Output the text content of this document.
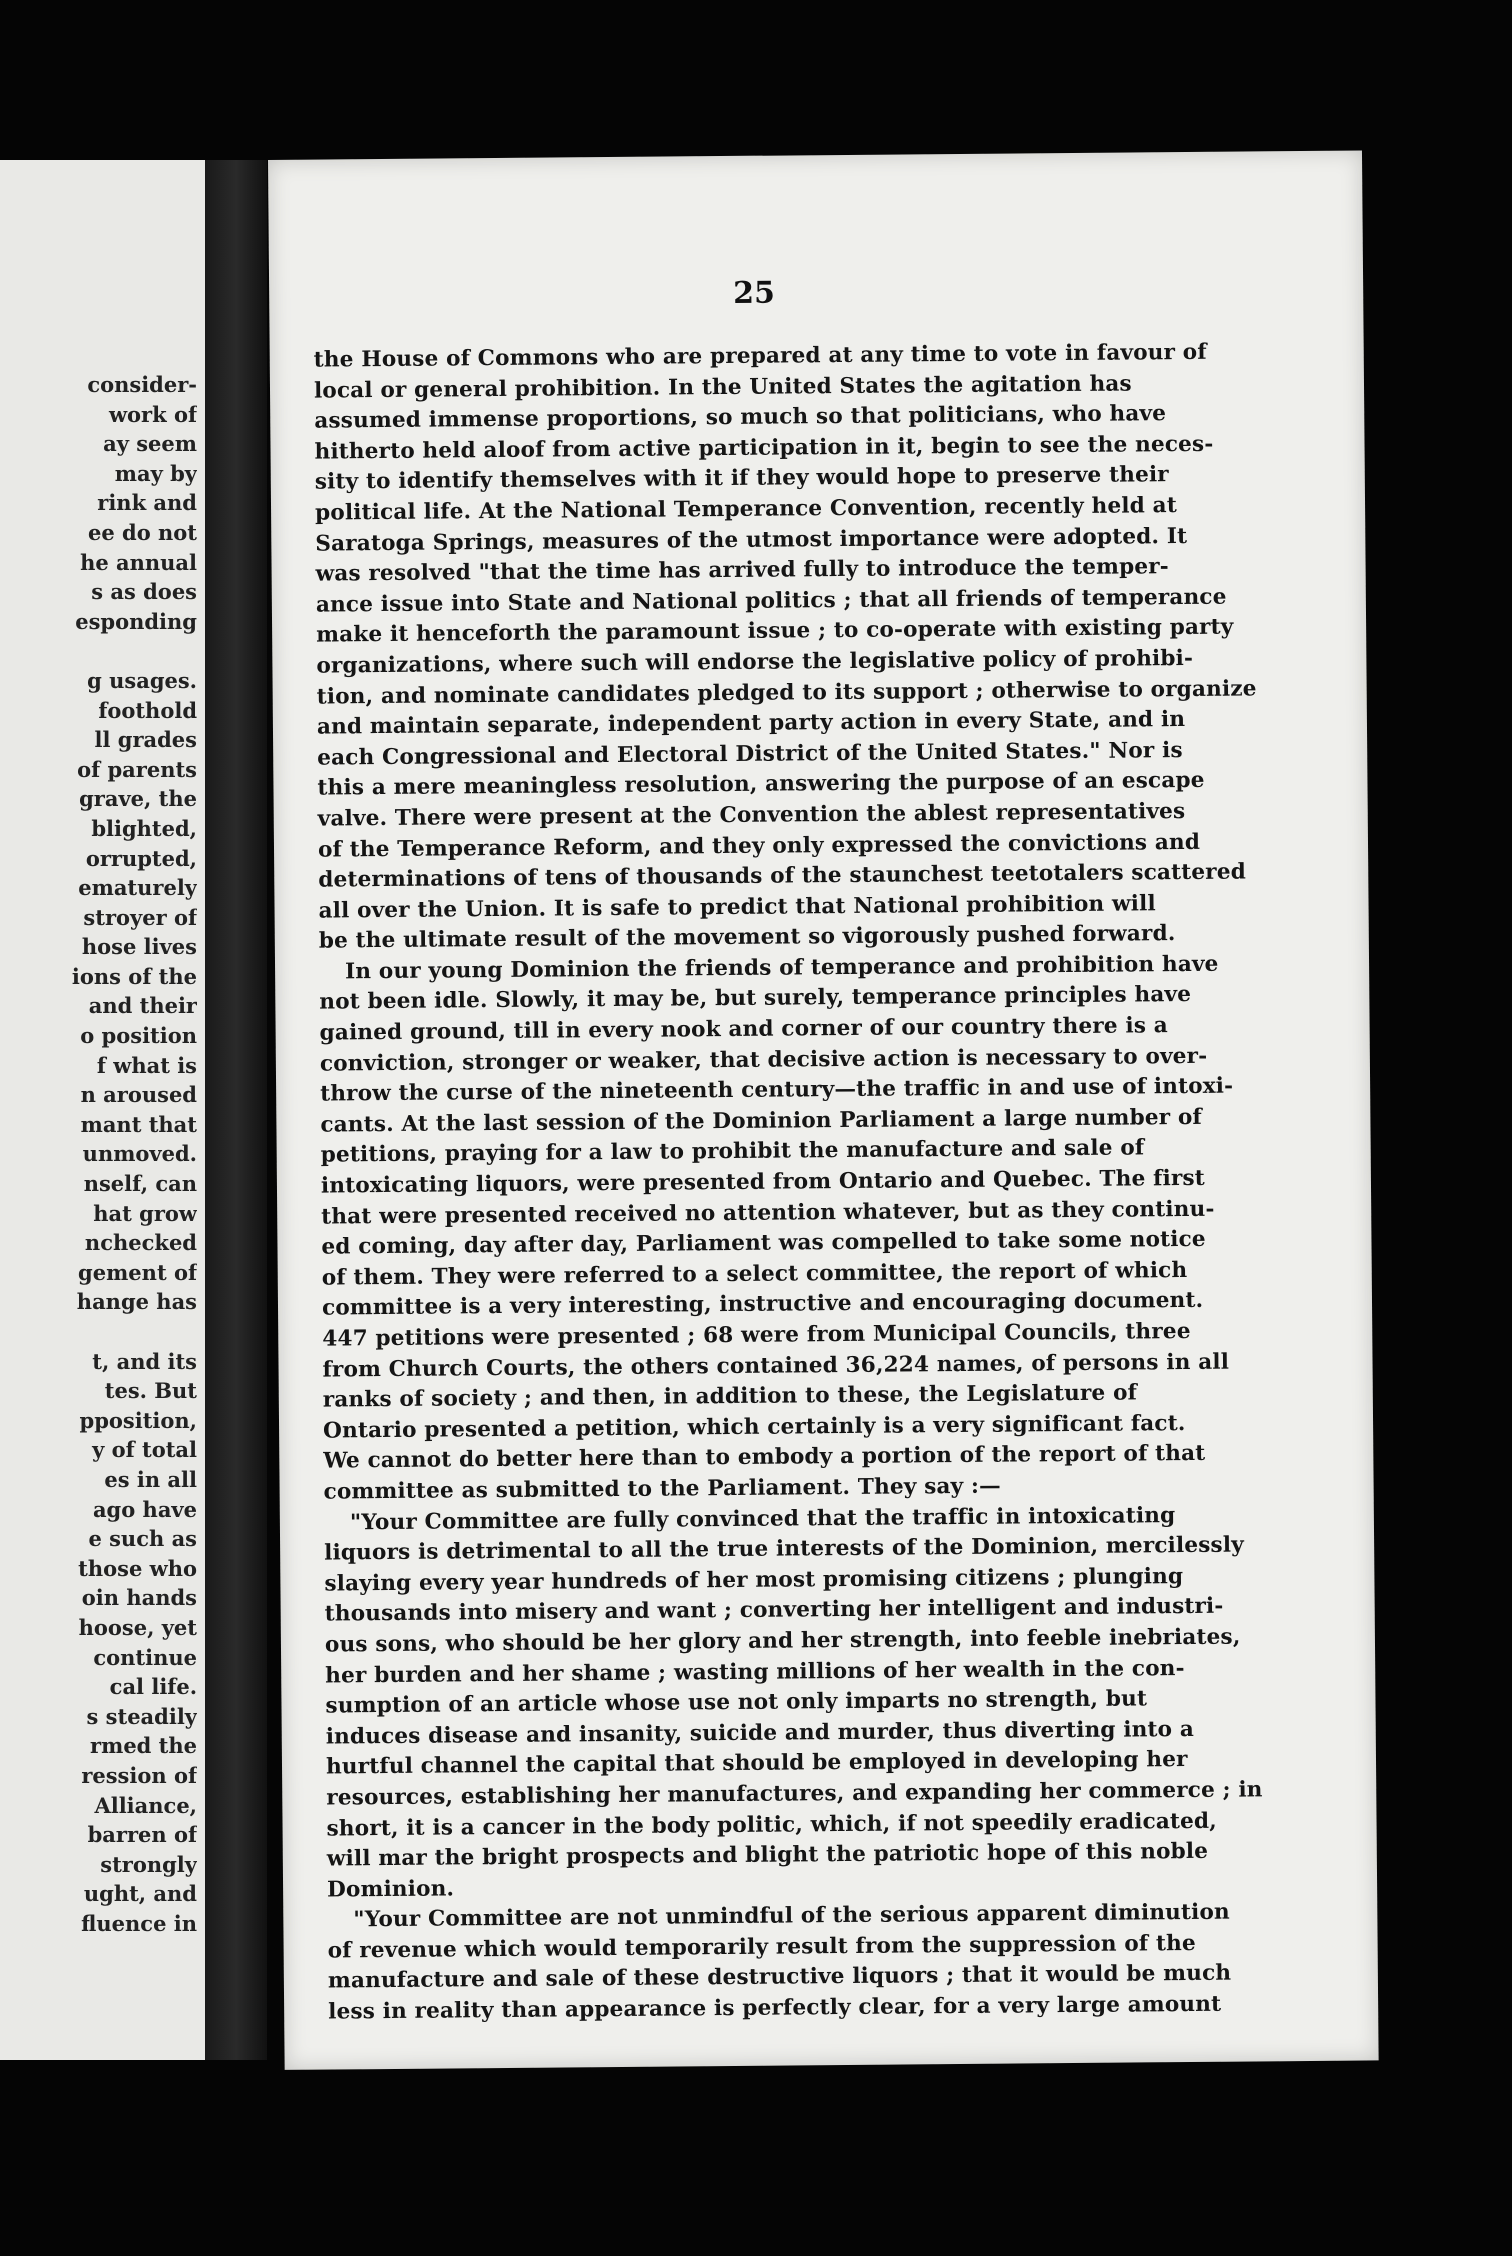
consider-

work of

ay seem

may by

rink and

ee do not

he annual

s as does

esponding

g usages.

foothold

ll grades

of parents

grave, the

blighted,

orrupted,

ematurely

stroyer of

hose lives

ions of the

and their

o position

f what is

n aroused

mant that

unmoved.

nself, can

hat grow

nchecked

gement of

hange has

t, and its

tes. But

pposition,

y of total

es in all

ago have

e such as

those who

oin hands

hoose, yet

continue

cal life.

s steadily

rmed the

ression of

Alliance,

barren of

strongly

ught, and

fluence in

25

the House of Commons who are prepared at any time to vote in favour of

local or general prohibition. In the United States the agitation has

assumed immense proportions, so much so that politicians, who have

hitherto held aloof from active participation in it, begin to see the neces-

sity to identify themselves with it if they would hope to preserve their

political life. At the National Temperance Convention, recently held at

Saratoga Springs, measures of the utmost importance were adopted. It

was resolved "that the time has arrived fully to introduce the temper-

ance issue into State and National politics ; that all friends of temperance

make it henceforth the paramount issue ; to co-operate with existing party

organizations, where such will endorse the legislative policy of prohibi-

tion, and nominate candidates pledged to its support ; otherwise to organize

and maintain separate, independent party action in every State, and in

each Congressional and Electoral District of the United States." Nor is

this a mere meaningless resolution, answering the purpose of an escape

valve. There were present at the Convention the ablest representatives

of the Temperance Reform, and they only expressed the convictions and

determinations of tens of thousands of the staunchest teetotalers scattered

all over the Union. It is safe to predict that National prohibition will

be the ultimate result of the movement so vigorously pushed forward.

In our young Dominion the friends of temperance and prohibition have

not been idle. Slowly, it may be, but surely, temperance principles have

gained ground, till in every nook and corner of our country there is a

conviction, stronger or weaker, that decisive action is necessary to over-

throw the curse of the nineteenth century—the traffic in and use of intoxi-

cants. At the last session of the Dominion Parliament a large number of

petitions, praying for a law to prohibit the manufacture and sale of

intoxicating liquors, were presented from Ontario and Quebec. The first

that were presented received no attention whatever, but as they continu-

ed coming, day after day, Parliament was compelled to take some notice

of them. They were referred to a select committee, the report of which

committee is a very interesting, instructive and encouraging document.

447 petitions were presented ; 68 were from Municipal Councils, three

from Church Courts, the others contained 36,224 names, of persons in all

ranks of society ; and then, in addition to these, the Legislature of

Ontario presented a petition, which certainly is a very significant fact.

We cannot do better here than to embody a portion of the report of that

committee as submitted to the Parliament. They say :—

"Your Committee are fully convinced that the traffic in intoxicating

liquors is detrimental to all the true interests of the Dominion, mercilessly

slaying every year hundreds of her most promising citizens ; plunging

thousands into misery and want ; converting her intelligent and industri-

ous sons, who should be her glory and her strength, into feeble inebriates,

her burden and her shame ; wasting millions of her wealth in the con-

sumption of an article whose use not only imparts no strength, but

induces disease and insanity, suicide and murder, thus diverting into a

hurtful channel the capital that should be employed in developing her

resources, establishing her manufactures, and expanding her commerce ; in

short, it is a cancer in the body politic, which, if not speedily eradicated,

will mar the bright prospects and blight the patriotic hope of this noble

Dominion.

"Your Committee are not unmindful of the serious apparent diminution

of revenue which would temporarily result from the suppression of the

manufacture and sale of these destructive liquors ; that it would be much

less in reality than appearance is perfectly clear, for a very large amount
